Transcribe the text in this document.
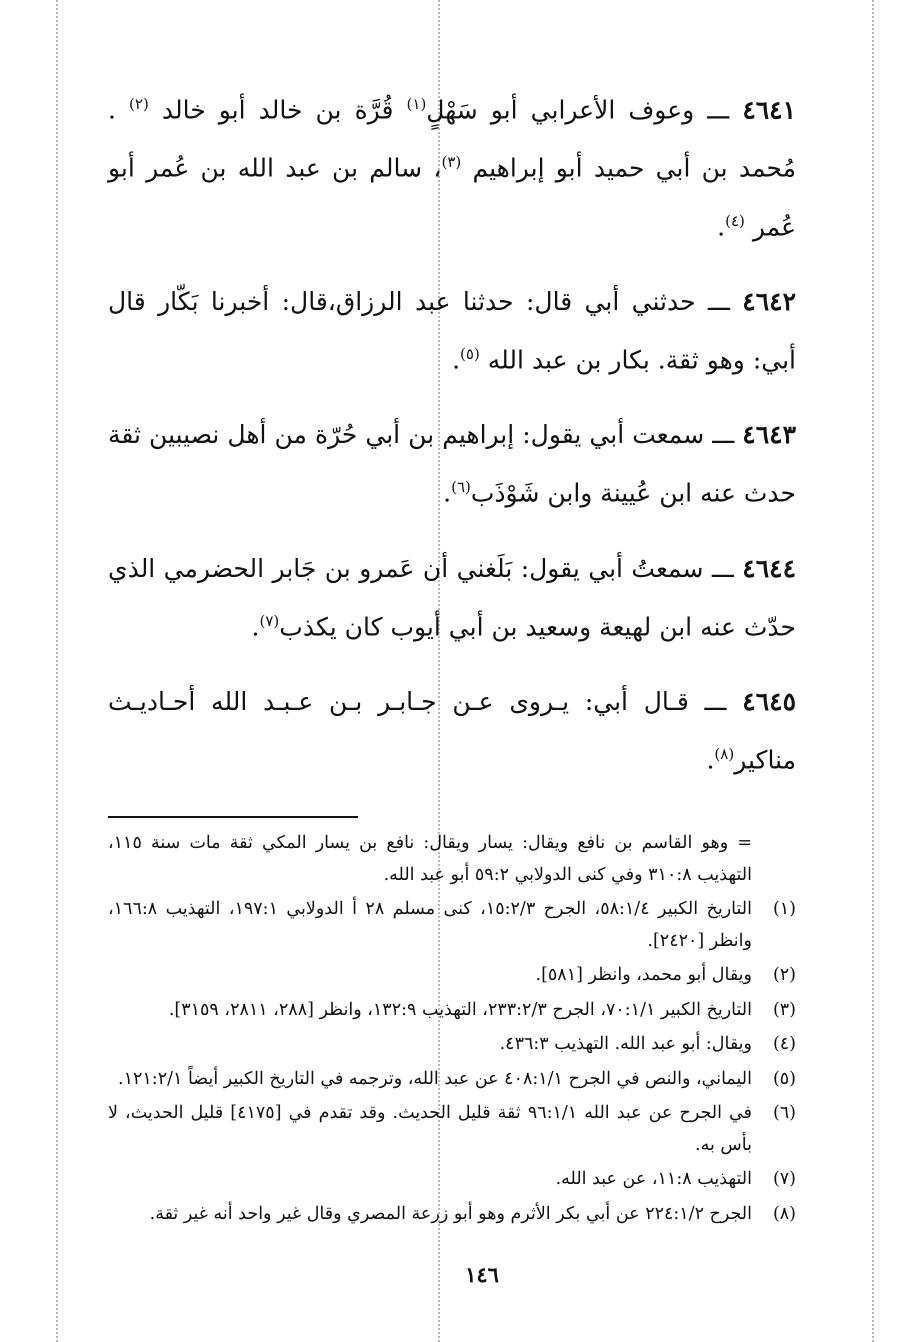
٤٦٤١ ـــ وعوف الأعرابي أبو سَهْلٍ$^{(١)}$ قُرَّة بن خالد أبو خالد $^{(٢)}$ . مُحمد بن أبي حميد أبو إبراهيم $^{(٣)}$، سالم بن عبد الله بن عُمر أبو عُمر $^{(٤)}$.

٤٦٤٢ ـــ حدثني أبي قال: حدثنا عبد الرزاق،قال: أخبرنا بَكّار قال أبي: وهو ثقة. بكار بن عبد الله $^{(٥)}$.

٤٦٤٣ ـــ سمعت أبي يقول: إبراهيم بن أبي حُرّة من أهل نصيبين ثقة حدث عنه ابن عُيينة وابن شَوْذَب$^{(٦)}$.

٤٦٤٤ ـــ سمعتُ أبي يقول: بَلَغني أن عَمرو بن جَابر الحضرمي الذي حدّث عنه ابن لهيعة وسعيد بن أبي أيوب كان يكذب$^{(٧)}$.

٤٦٤٥ ـــ قـال أبي: يـروى عـن جـابـر بـن عـبـد الله أحـاديـث مناكير$^{(٨)}$.

= وهو القاسم بن نافع ويقال: يسار ويقال: نافع بن يسار المكي ثقة مات سنة ١١٥، التهذيب ٣١٠:٨ وفي كنى الدولابي ٥٩:٢ أبو عبد الله.
(١)
التاريخ الكبير ٥٨:١/٤، الجرح ١٥:٢/٣، كنى مسلم ٢٨ أ الدولابي ١٩٧:١، التهذيب ١٦٦:٨، وانظر [٢٤٢٠].
(٢)
ويقال أبو محمد، وانظر [٥٨١].
(٣)
التاريخ الكبير ٧٠:١/١، الجرح ٢٣٣:٢/٣، التهذيب ١٣٢:٩، وانظر [٢٨٨، ٢٨١١، ٣١٥٩].
(٤)
ويقال: أبو عبد الله. التهذيب ٤٣٦:٣.
(٥)
اليماني، والنص في الجرح ٤٠٨:١/١ عن عبد الله، وترجمه في التاريخ الكبير أيضاً ١٢١:٢/١.
(٦)
في الجرح عن عبد الله ٩٦:١/١ ثقة قليل الحديث. وقد تقدم في [٤١٧٥] قليل الحديث، لا بأس به.
(٧)
التهذيب ١١:٨، عن عبد الله.
(٨)
الجرح ٢٢٤:١/٢ عن أبي بكر الأثرم وهو أبو زرعة المصري وقال غير واحد أنه غير ثقة.
١٤٦
